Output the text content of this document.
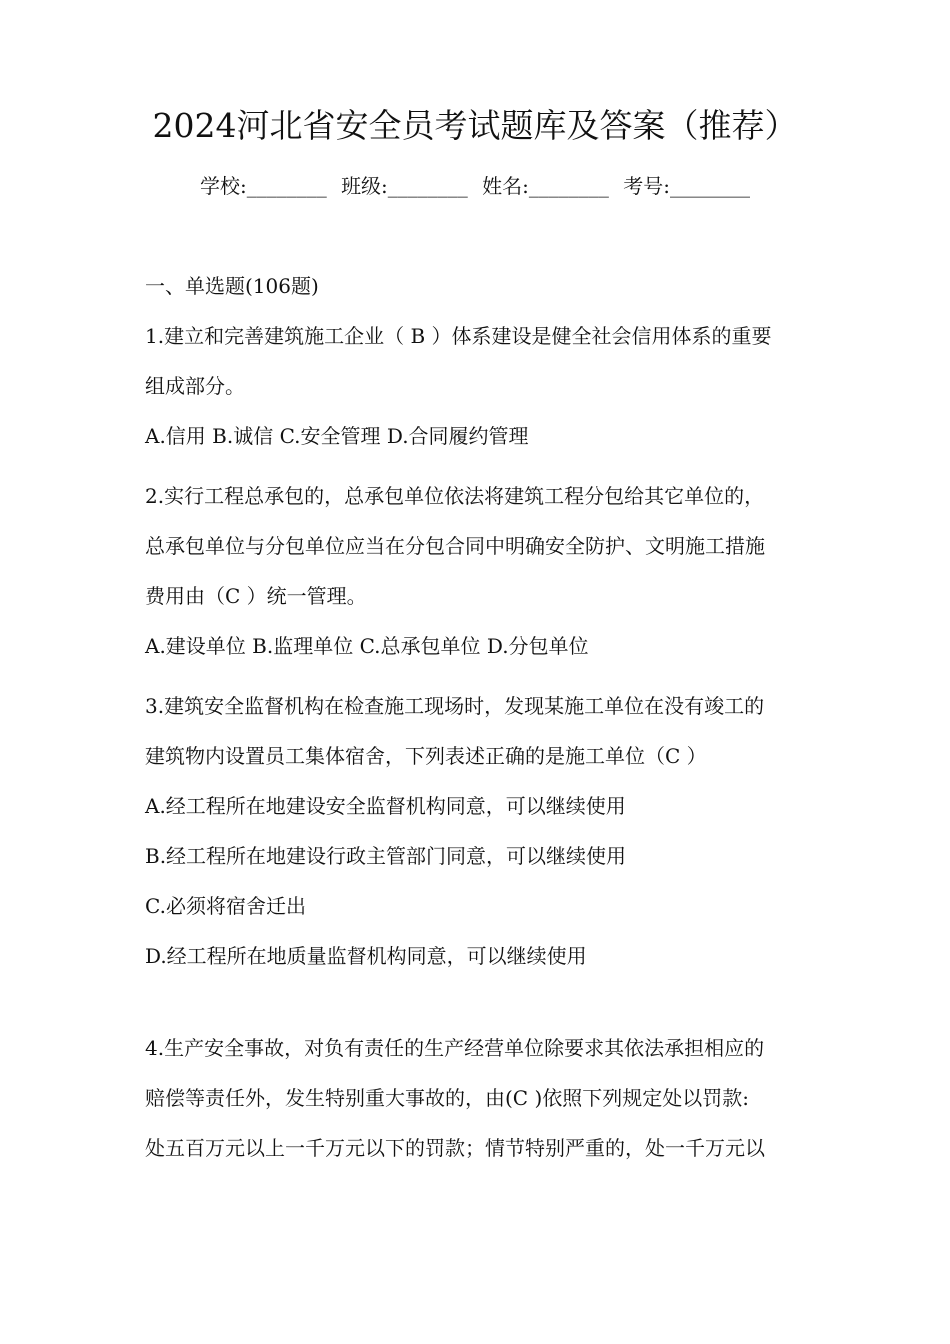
2024河北省安全员考试题库及答案（推荐）
学校:________ 班级:________ 姓名:________ 考号:________

一、单选题(106题)

1.建立和完善建筑施工企业（ B ）体系建设是健全社会信用体系的重要

组成部分。

A.信用 B.诚信 C.安全管理 D.合同履约管理

2.实行工程总承包的，总承包单位依法将建筑工程分包给其它单位的，

总承包单位与分包单位应当在分包合同中明确安全防护、文明施工措施

费用由（C ）统一管理。

A.建设单位 B.监理单位 C.总承包单位 D.分包单位

3.建筑安全监督机构在检查施工现场时，发现某施工单位在没有竣工的

建筑物内设置员工集体宿舍，下列表述正确的是施工单位（C ）

A.经工程所在地建设安全监督机构同意，可以继续使用

B.经工程所在地建设行政主管部门同意，可以继续使用

C.必须将宿舍迁出

D.经工程所在地质量监督机构同意，可以继续使用

4.生产安全事故，对负有责任的生产经营单位除要求其依法承担相应的

赔偿等责任外，发生特别重大事故的，由(C )依照下列规定处以罚款:

处五百万元以上一千万元以下的罚款；情节特别严重的，处一千万元以
